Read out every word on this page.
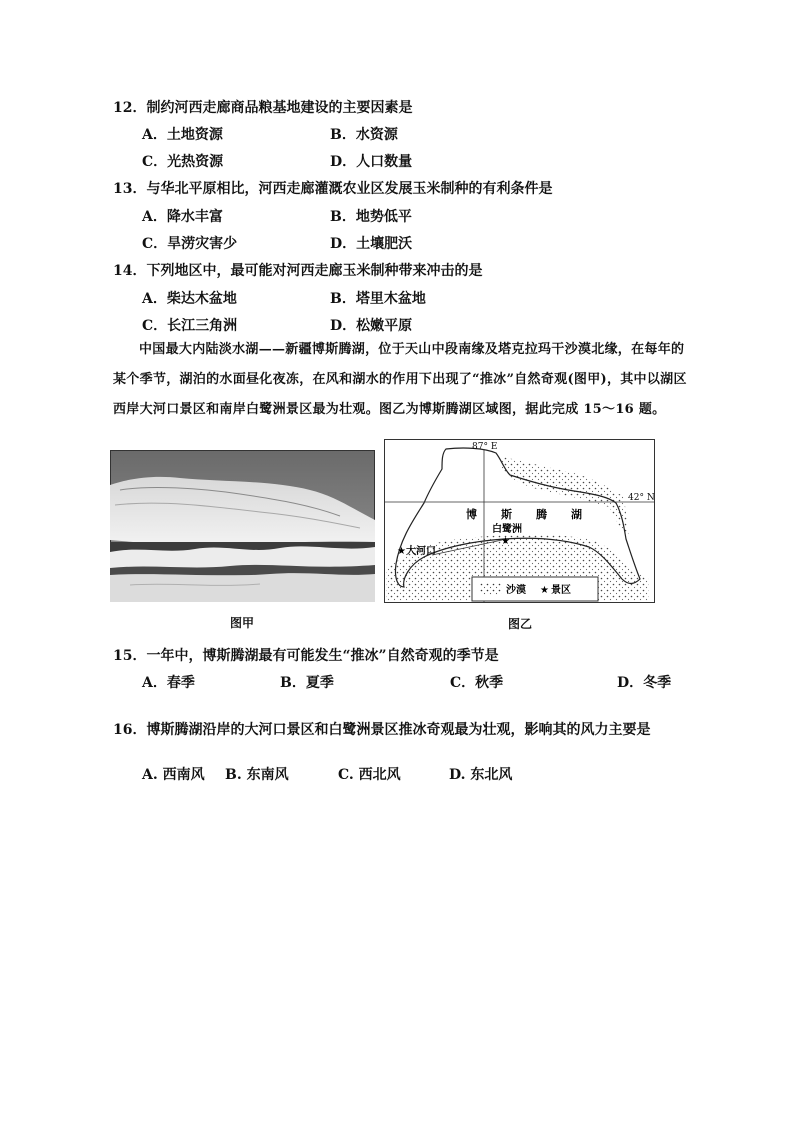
12．制约河西走廊商品粮基地建设的主要因素是
A．土地资源	B．水资源
C．光热资源	D．人口数量
13．与华北平原相比，河西走廊灌溉农业区发展玉米制种的有利条件是
A．降水丰富	B．地势低平
C．旱涝灾害少	D．土壤肥沃
14．下列地区中，最可能对河西走廊玉米制种带来冲击的是
A．柴达木盆地	B．塔里木盆地
C．长江三角洲	D．松嫩平原
中国最大内陆淡水湖——新疆博斯腾湖，位于天山中段南缘及塔克拉玛干沙漠北缘，在每年的某个季节，湖泊的水面昼化夜冻，在风和湖水的作用下出现了“推冰”自然奇观(图甲)，其中以湖区西岸大河口景区和南岸白鹭洲景区最为壮观。图乙为博斯腾湖区域图，据此完成 15～16 题。
图甲
87° E
42° N
博 斯 腾 湖
★ 大河口
★
白鹭洲
沙漠 ★ 景区
图乙
15．一年中，博斯腾湖最有可能发生“推冰”自然奇观的季节是
A．春季	B．夏季	C．秋季	D．冬季
16．博斯腾湖沿岸的大河口景区和白鹭洲景区推冰奇观最为壮观，影响其的风力主要是
A. 西南风 B. 东南风	C. 西北风	D. 东北风
